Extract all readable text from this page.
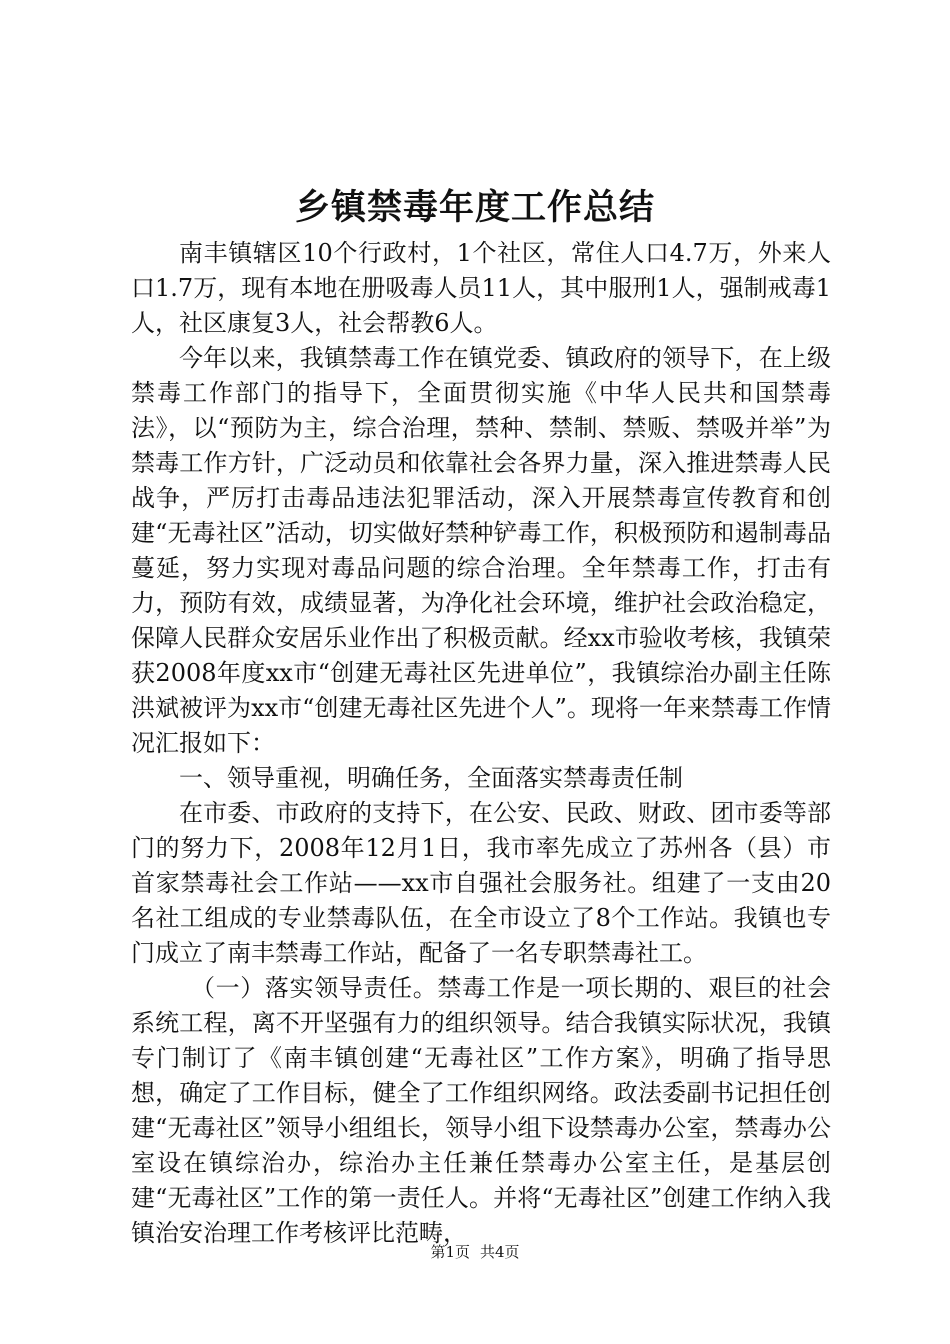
乡镇禁毒年度工作总结

南丰镇辖区10个行政村，1个社区，常住人口4.7万，外来人口1.7万，现有本地在册吸毒人员11人，其中服刑1人，强制戒毒1人，社区康复3人，社会帮教6人。

今年以来，我镇禁毒工作在镇党委、镇政府的领导下，在上级禁毒工作部门的指导下，全面贯彻实施《中华人民共和国禁毒法》，以“预防为主，综合治理，禁种、禁制、禁贩、禁吸并举”为禁毒工作方针，广泛动员和依靠社会各界力量，深入推进禁毒人民战争，严厉打击毒品违法犯罪活动，深入开展禁毒宣传教育和创建“无毒社区”活动，切实做好禁种铲毒工作，积极预防和遏制毒品蔓延，努力实现对毒品问题的综合治理。全年禁毒工作，打击有力，预防有效，成绩显著，为净化社会环境，维护社会政治稳定，保障人民群众安居乐业作出了积极贡献。经xx市验收考核，我镇荣获2008年度xx市“创建无毒社区先进单位”，我镇综治办副主任陈洪斌被评为xx市“创建无毒社区先进个人”。现将一年来禁毒工作情况汇报如下：

一、领导重视，明确任务，全面落实禁毒责任制

在市委、市政府的支持下，在公安、民政、财政、团市委等部门的努力下，2008年12月1日，我市率先成立了苏州各（县）市首家禁毒社会工作站——xx市自强社会服务社。组建了一支由20名社工组成的专业禁毒队伍，在全市设立了8个工作站。我镇也专门成立了南丰禁毒工作站，配备了一名专职禁毒社工。

（一）落实领导责任。禁毒工作是一项长期的、艰巨的社会系统工程，离不开坚强有力的组织领导。结合我镇实际状况，我镇专门制订了《南丰镇创建“无毒社区”工作方案》，明确了指导思想，确定了工作目标，健全了工作组织网络。政法委副书记担任创建“无毒社区”领导小组组长，领导小组下设禁毒办公室，禁毒办公室设在镇综治办，综治办主任兼任禁毒办公室主任，是基层创建“无毒社区”工作的第一责任人。并将“无毒社区”创建工作纳入我镇治安治理工作考核评比范畴，

第1页 共4页
